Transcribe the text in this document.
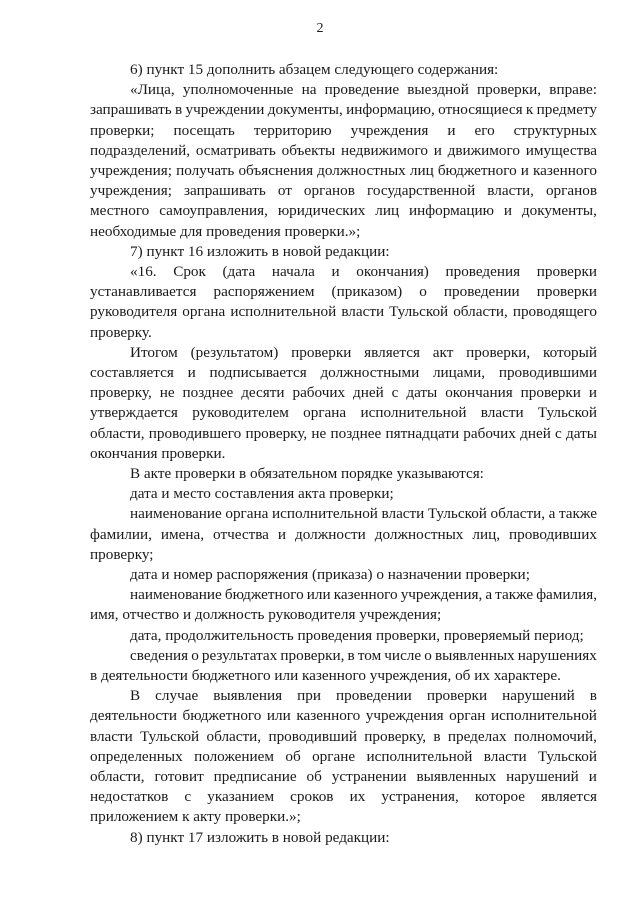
2
6) пункт 15 дополнить абзацем следующего содержания:
«Лица, уполномоченные на проведение выездной проверки, вправе:
запрашивать в учреждении документы, информацию, относящиеся к предмету
проверки; посещать территорию учреждения и его структурных
подразделений, осматривать объекты недвижимого и движимого имущества
учреждения; получать объяснения должностных лиц бюджетного и казенного
учреждения; запрашивать от органов государственной власти, органов
местного самоуправления, юридических лиц информацию и документы,
необходимые для проведения проверки.»;
7) пункт 16 изложить в новой редакции:
«16. Срок (дата начала и окончания) проведения проверки
устанавливается распоряжением (приказом) о проведении проверки
руководителя органа исполнительной власти Тульской области, проводящего
проверку.
Итогом (результатом) проверки является акт проверки, который
составляется и подписывается должностными лицами, проводившими
проверку, не позднее десяти рабочих дней с даты окончания проверки и
утверждается руководителем органа исполнительной власти Тульской
области, проводившего проверку, не позднее пятнадцати рабочих дней с даты
окончания проверки.
В акте проверки в обязательном порядке указываются:
дата и место составления акта проверки;
наименование органа исполнительной власти Тульской области, а также
фамилии, имена, отчества и должности должностных лиц, проводивших
проверку;
дата и номер распоряжения (приказа) о назначении проверки;
наименование бюджетного или казенного учреждения, а также фамилия,
имя, отчество и должность руководителя учреждения;
дата, продолжительность проведения проверки, проверяемый период;
сведения о результатах проверки, в том числе о выявленных нарушениях
в деятельности бюджетного или казенного учреждения, об их характере.
В случае выявления при проведении проверки нарушений в
деятельности бюджетного или казенного учреждения орган исполнительной
власти Тульской области, проводивший проверку, в пределах полномочий,
определенных положением об органе исполнительной власти Тульской
области, готовит предписание об устранении выявленных нарушений и
недостатков с указанием сроков их устранения, которое является
приложением к акту проверки.»;
8) пункт 17 изложить в новой редакции:
